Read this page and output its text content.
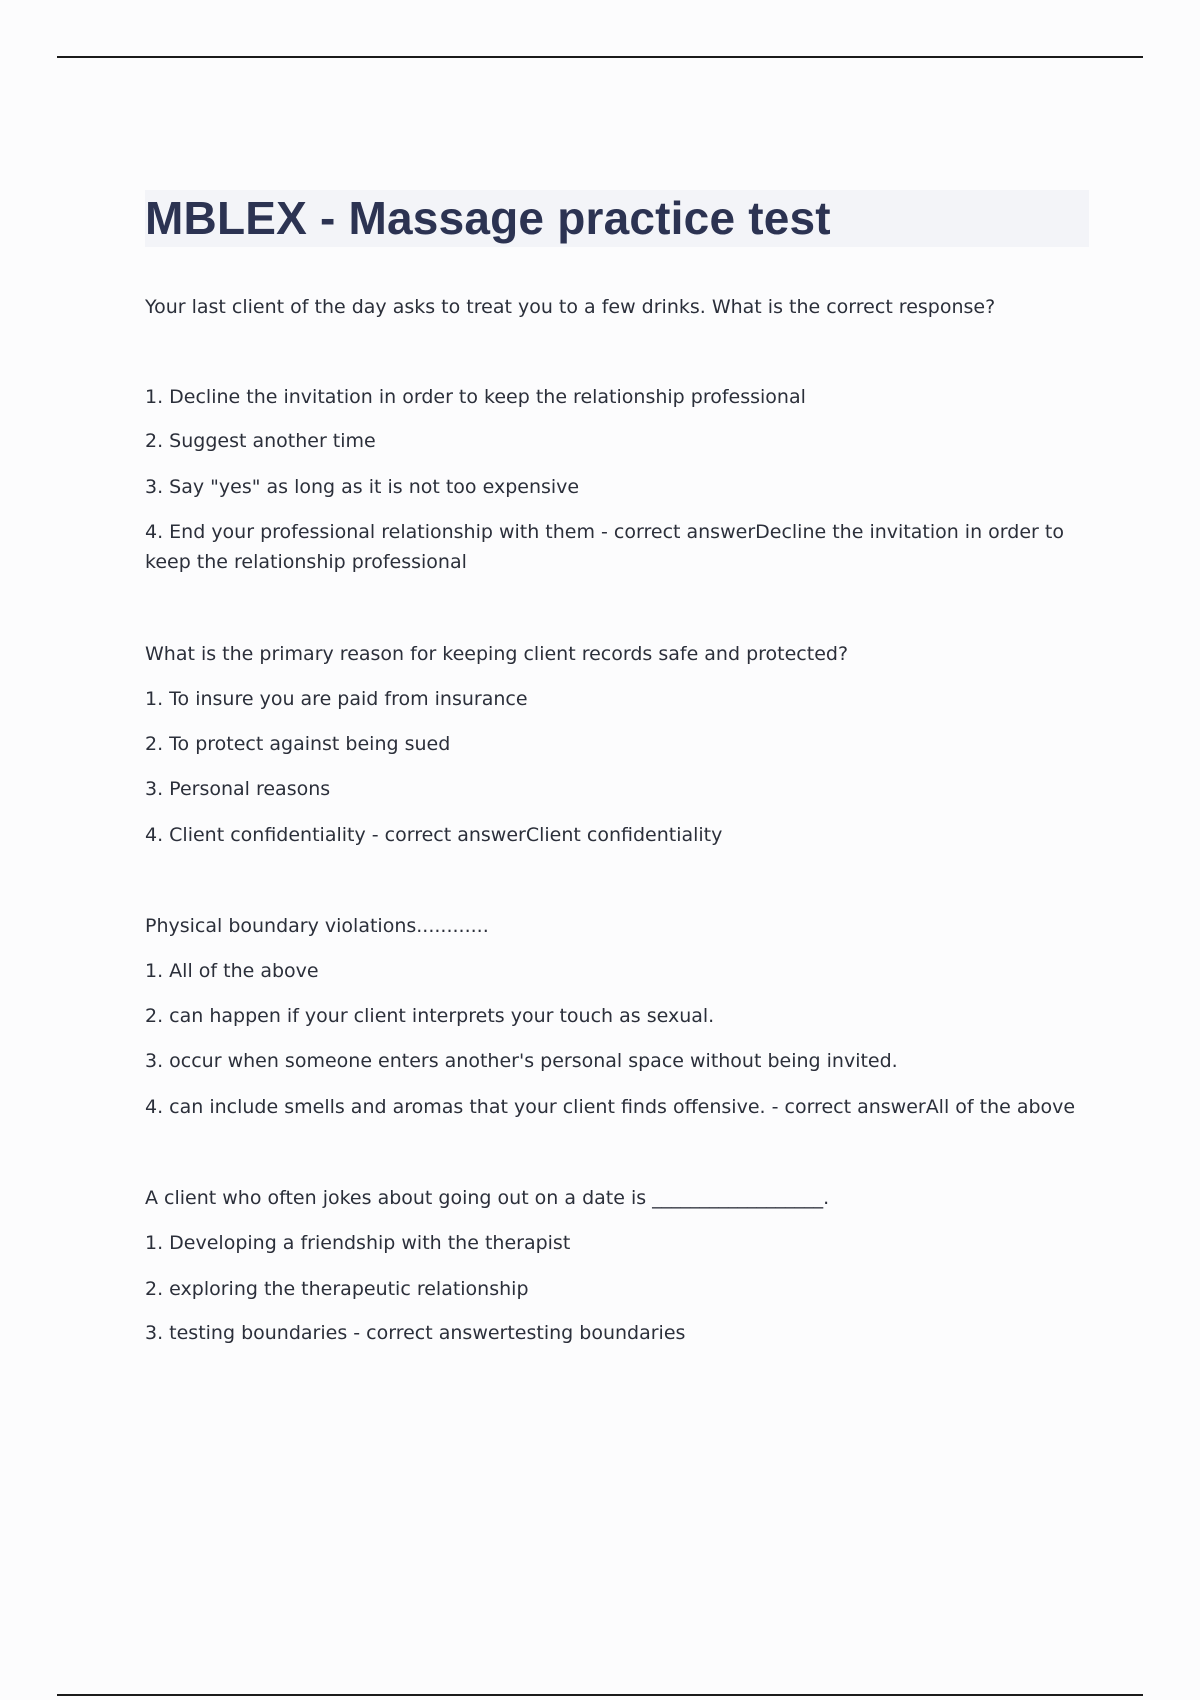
MBLEX - Massage practice test
Your last client of the day asks to treat you to a few drinks. What is the correct response?
1. Decline the invitation in order to keep the relationship professional
2. Suggest another time
3. Say "yes" as long as it is not too expensive
4. End your professional relationship with them - correct answerDecline the invitation in order to keep the relationship professional
What is the primary reason for keeping client records safe and protected?
1. To insure you are paid from insurance
2. To protect against being sued
3. Personal reasons
4. Client confidentiality - correct answerClient confidentiality
Physical boundary violations............
1. All of the above
2. can happen if your client interprets your touch as sexual.
3. occur when someone enters another's personal space without being invited.
4. can include smells and aromas that your client finds offensive. - correct answerAll of the above
A client who often jokes about going out on a date is __________________.
1. Developing a friendship with the therapist
2. exploring the therapeutic relationship
3. testing boundaries - correct answertesting boundaries
